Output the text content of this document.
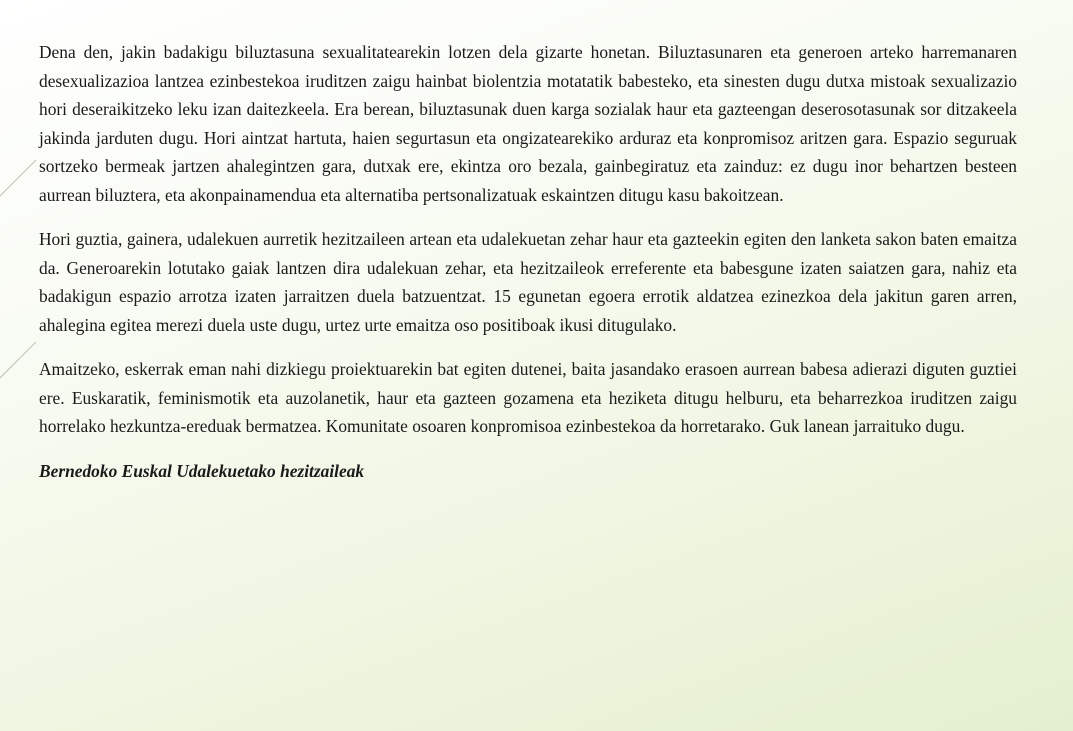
Dena den, jakin badakigu biluztasuna sexualitatearekin lotzen dela gizarte honetan. Biluztasunaren eta generoen arteko harremanaren desexualizazioa lantzea ezinbestekoa iruditzen zaigu hainbat biolentzia motatatik babesteko, eta sinesten dugu dutxa mistoak sexualizazio hori deseraikitzeko leku izan daitezkeela. Era berean, biluztasunak duen karga sozialak haur eta gazteengan deserosotasunak sor ditzakeela jakinda jarduten dugu. Hori aintzat hartuta, haien segurtasun eta ongizatearekiko arduraz eta konpromisoz aritzen gara. Espazio seguruak sortzeko bermeak jartzen ahalegintzen gara, dutxak ere, ekintza oro bezala, gainbegiratuz eta zainduz: ez dugu inor behartzen besteen aurrean biluztera, eta akonpainamendua eta alternatiba pertsonalizatuak eskaintzen ditugu kasu bakoitzean.

Hori guztia, gainera, udalekuen aurretik hezitzaileen artean eta udalekuetan zehar haur eta gazteekin egiten den lanketa sakon baten emaitza da. Generoarekin lotutako gaiak lantzen dira udalekuan zehar, eta hezitzaileok erreferente eta babesgune izaten saiatzen gara, nahiz eta badakigun espazio arrotza izaten jarraitzen duela batzuentzat. 15 egunetan egoera errotik aldatzea ezinezkoa dela jakitun garen arren, ahalegina egitea merezi duela uste dugu, urtez urte emaitza oso positiboak ikusi ditugulako.

Amaitzeko, eskerrak eman nahi dizkiegu proiektuarekin bat egiten dutenei, baita jasandako erasoen aurrean babesa adierazi diguten guztiei ere. Euskaratik, feminismotik eta auzolanetik, haur eta gazteen gozamena eta heziketa ditugu helburu, eta beharrezkoa iruditzen zaigu horrelako hezkuntza-ereduak bermatzea. Komunitate osoaren konpromisoa ezinbestekoa da horretarako. Guk lanean jarraituko dugu.

Bernedoko Euskal Udalekuetako hezitzaileak
